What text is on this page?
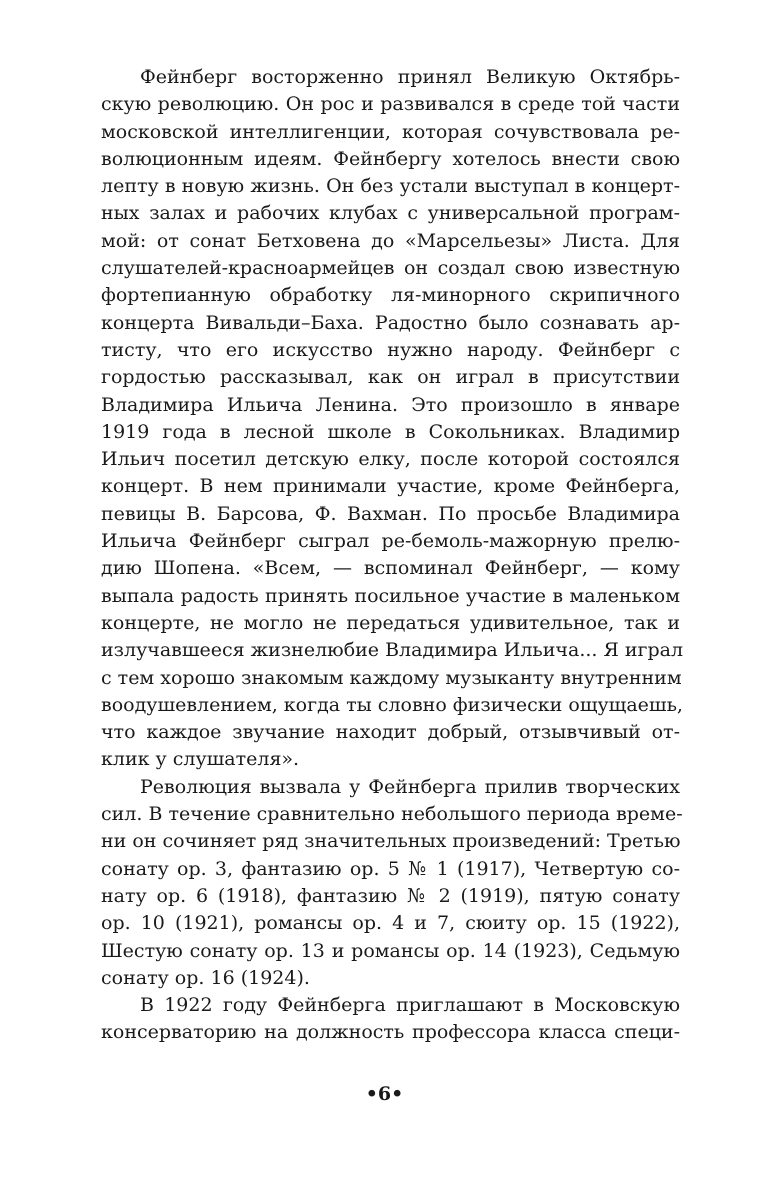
Фейнберг восторженно принял Великую Октябрь-
скую революцию. Он рос и развивался в среде той части
московской интеллигенции, которая сочувствовала ре-
волюционным идеям. Фейнбергу хотелось внести свою
лепту в новую жизнь. Он без устали выступал в концерт-
ных залах и рабочих клубах с универсальной програм-
мой: от сонат Бетховена до «Марсельезы» Листа. Для
слушателей-красноармейцев он создал свою известную
фортепианную обработку ля-минорного скрипичного
концерта Вивальди–Баха. Радостно было сознавать ар-
тисту, что его искусство нужно народу. Фейнберг с
гордостью рассказывал, как он играл в присутствии
Владимира Ильича Ленина. Это произошло в январе
1919 года в лесной школе в Сокольниках. Владимир
Ильич посетил детскую елку, после которой состоялся
концерт. В нем принимали участие, кроме Фейнберга,
певицы В. Барсова, Ф. Вахман. По просьбе Владимира
Ильича Фейнберг сыграл ре-бемоль-мажорную прелю-
дию Шопена. «Всем, — вспоминал Фейнберг, — кому
выпала радость принять посильное участие в маленьком
концерте, не могло не передаться удивительное, так и
излучавшееся жизнелюбие Владимира Ильича... Я играл
с тем хорошо знакомым каждому музыканту внутренним
воодушевлением, когда ты словно физически ощущаешь,
что каждое звучание находит добрый, отзывчивый от-
клик у слушателя».
Революция вызвала у Фейнберга прилив творческих
сил. В течение сравнительно небольшого периода време-
ни он сочиняет ряд значительных произведений: Третью
сонату ор. 3, фантазию ор. 5 № 1 (1917), Четвертую со-
нату ор. 6 (1918), фантазию № 2 (1919), пятую сонату
ор. 10 (1921), романсы ор. 4 и 7, сюиту ор. 15 (1922),
Шестую сонату ор. 13 и романсы ор. 14 (1923), Седьмую
сонату ор. 16 (1924).
В 1922 году Фейнберга приглашают в Московскую
консерваторию на должность профессора класса специ-
•6•
